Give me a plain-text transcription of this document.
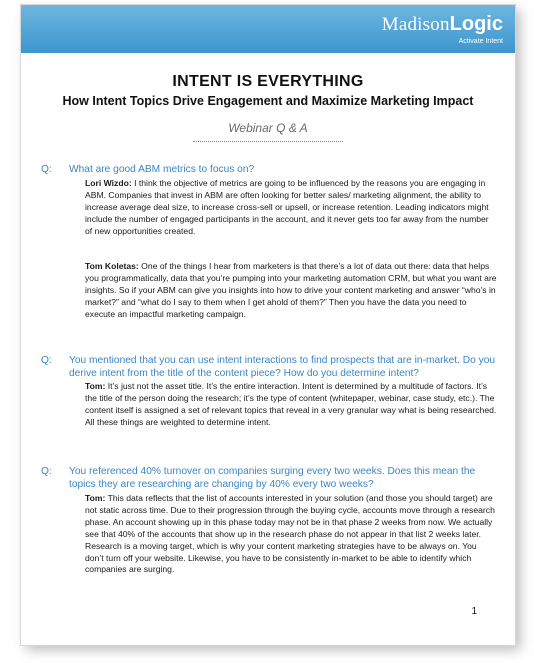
MadisonLogic
Activate Intent
INTENT IS EVERYTHING
How Intent Topics Drive Engagement and Maximize Marketing Impact
Webinar Q & A
Q: What are good ABM metrics to focus on?
Lori Wizdo: I think the objective of metrics are going to be influenced by the reasons you are engaging in ABM. Companies that invest in ABM are often looking for better sales/ marketing alignment, the ability to increase average deal size, to increase cross-sell or upsell, or increase retention. Leading indicators might include the number of engaged participants in the account, and it never gets too far away from the number of new opportunities created.
Tom Koletas: One of the things I hear from marketers is that there’s a lot of data out there: data that helps you programmatically, data that you’re pumping into your marketing automation CRM, but what you want are insights. So if your ABM can give you insights into how to drive your content marketing and answer “who’s in market?” and “what do I say to them when I get ahold of them?” Then you have the data you need to execute an impactful marketing campaign.
Q: You mentioned that you can use intent interactions to find prospects that are in-market. Do you derive intent from the title of the content piece? How do you determine intent?
Tom: It’s just not the asset title. It’s the entire interaction. Intent is determined by a multitude of factors. It’s the title of the person doing the research; it’s the type of content (whitepaper, webinar, case study, etc.). The content itself is assigned a set of relevant topics that reveal in a very granular way what is being researched. All these things are weighted to determine intent.
Q: You referenced 40% turnover on companies surging every two weeks. Does this mean the topics they are researching are changing by 40% every two weeks?
Tom: This data reflects that the list of accounts interested in your solution (and those you should target) are not static across time. Due to their progression through the buying cycle, accounts move through a research phase. An account showing up in this phase today may not be in that phase 2 weeks from now. We actually see that 40% of the accounts that show up in the research phase do not appear in that list 2 weeks later. Research is a moving target, which is why your content marketing strategies have to be always on. You don’t turn off your website. Likewise, you have to be consistently in-market to be able to identify which companies are surging.
1
